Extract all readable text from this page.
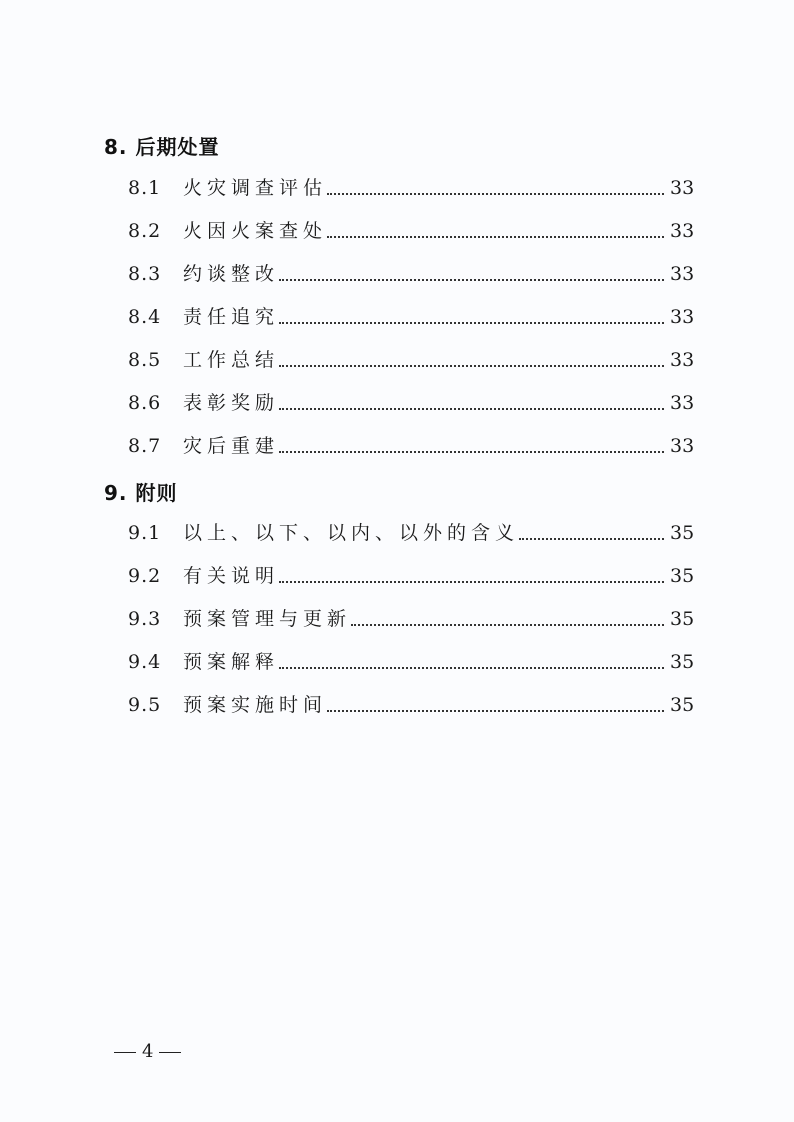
8. 后期处置
8.1	火灾调查评估	33
8.2	火因火案查处	33
8.3	约谈整改	33
8.4	责任追究	33
8.5	工作总结	33
8.6	表彰奖励	33
8.7	灾后重建	33
9. 附则
9.1	以上、以下、以内、以外的含义	35
9.2	有关说明	35
9.3	预案管理与更新	35
9.4	预案解释	35
9.5	预案实施时间	35
4
